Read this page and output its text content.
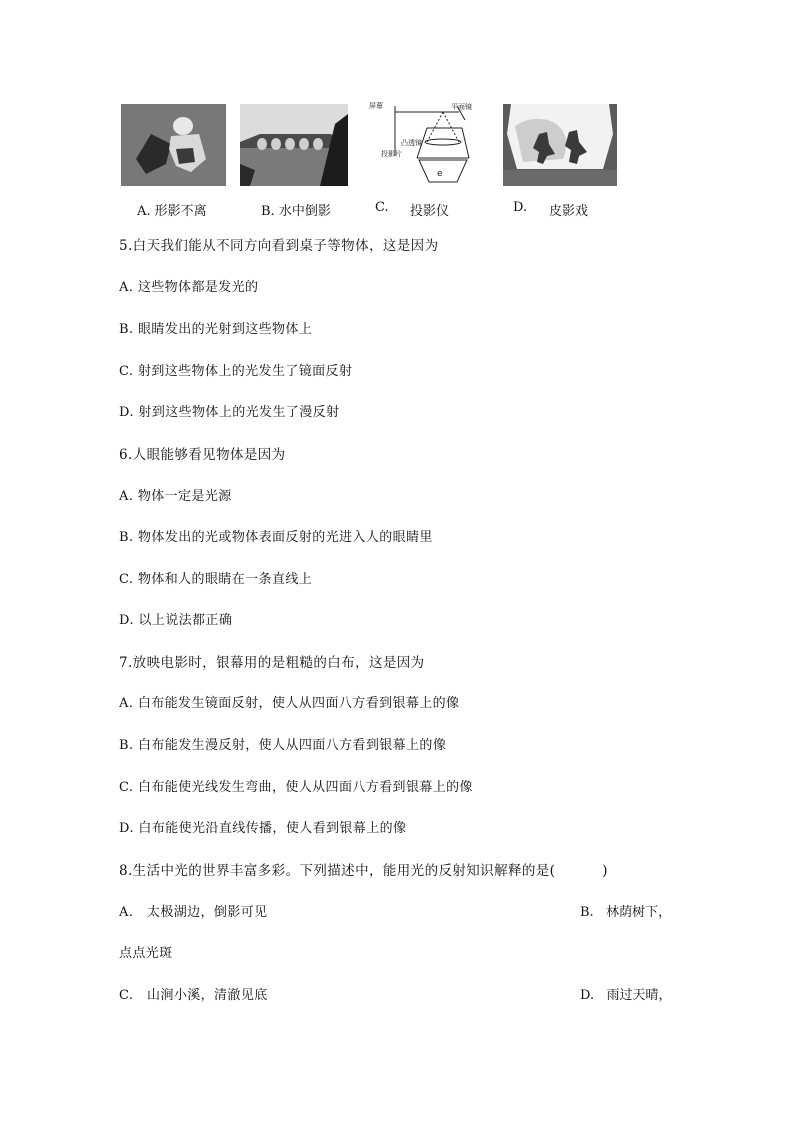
屏幕	平面镜
凸透镜
投影片
e
A. 形影不离	B. 水中倒影	C. 投影仪	D. 皮影戏
5.白天我们能从不同方向看到桌子等物体，这是因为
A. 这些物体都是发光的
B. 眼睛发出的光射到这些物体上
C. 射到这些物体上的光发生了镜面反射
D. 射到这些物体上的光发生了漫反射
6.人眼能够看见物体是因为
A. 物体一定是光源
B. 物体发出的光或物体表面反射的光进入人的眼睛里
C. 物体和人的眼睛在一条直线上
D. 以上说法都正确
7.放映电影时，银幕用的是粗糙的白布，这是因为
A. 白布能发生镜面反射，使人从四面八方看到银幕上的像
B. 白布能发生漫反射，使人从四面八方看到银幕上的像
C. 白布能使光线发生弯曲，使人从四面八方看到银幕上的像
D. 白布能使光沿直线传播，使人看到银幕上的像
8.生活中光的世界丰富多彩。下列描述中，能用光的反射知识解释的是(          )
A.   太极湖边，倒影可见	B.   林荫树下，
点点光斑
C.   山涧小溪，清澈见底	D.   雨过天晴，
